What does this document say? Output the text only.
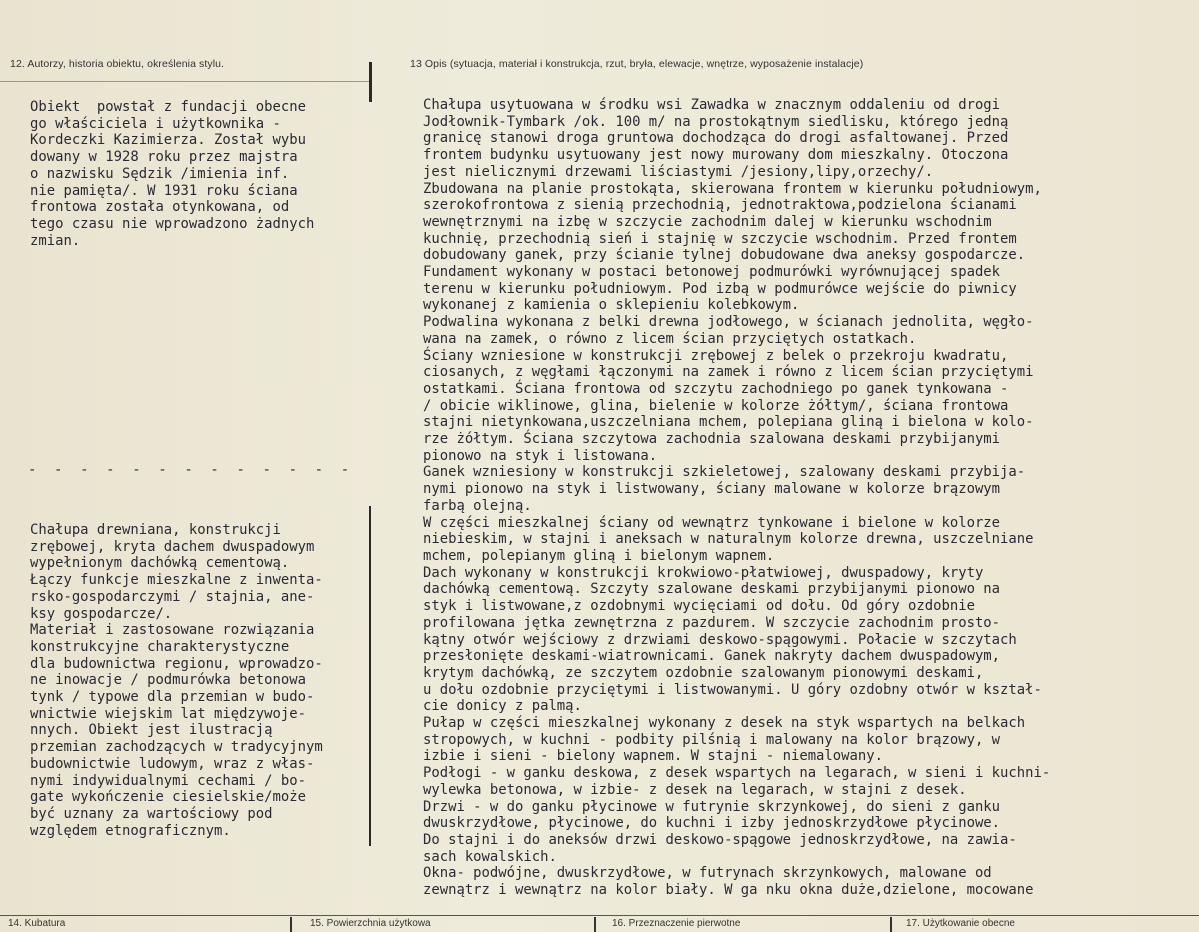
12. Autorzy, historia obiektu, określenia stylu.	13 Opis (sytuacja, materiał i konstrukcja, rzut, bryła, elewacje, wnętrze, wyposażenie instalacje)
Obiekt  powstał z fundacji obecne
go właściciela i użytkownika -
Kordeczki Kazimierza. Został wybu
dowany w 1928 roku przez majstra
o nazwisku Sędzik /imienia inf.
nie pamięta/. W 1931 roku ściana
frontowa została otynkowana, od
tego czasu nie wprowadzono żadnych
zmian.
- - - - - - - - - - - - -
Chałupa drewniana, konstrukcji
zrębowej, kryta dachem dwuspadowym
wypełnionym dachówką cementową.
Łączy funkcje mieszkalne z inwenta-
rsko-gospodarczymi / stajnia, ane-
ksy gospodarcze/.
Materiał i zastosowane rozwiązania
konstrukcyjne charakterystyczne
dla budownictwa regionu, wprowadzo-
ne inowacje / podmurówka betonowa
tynk / typowe dla przemian w budo-
wnictwie wiejskim lat międzywoje-
nnych. Obiekt jest ilustracją
przemian zachodzących w tradycyjnym
budownictwie ludowym, wraz z włas-
nymi indywidualnymi cechami / bo-
gate wykończenie ciesielskie/może
być uznany za wartościowy pod
względem etnograficznym.
Chałupa usytuowana w środku wsi Zawadka w znacznym oddaleniu od drogi
Jodłownik-Tymbark /ok. 100 m/ na prostokątnym siedlisku, którego jedną
granicę stanowi droga gruntowa dochodząca do drogi asfaltowanej. Przed
frontem budynku usytuowany jest nowy murowany dom mieszkalny. Otoczona
jest nielicznymi drzewami liściastymi /jesiony,lipy,orzechy/.
Zbudowana na planie prostokąta, skierowana frontem w kierunku południowym,
szerokofrontowa z sienią przechodnią, jednotraktowa,podzielona ścianami
wewnętrznymi na izbę w szczycie zachodnim dalej w kierunku wschodnim
kuchnię, przechodnią sień i stajnię w szczycie wschodnim. Przed frontem
dobudowany ganek, przy ścianie tylnej dobudowane dwa aneksy gospodarcze.
Fundament wykonany w postaci betonowej podmurówki wyrównującej spadek
terenu w kierunku południowym. Pod izbą w podmurówce wejście do piwnicy
wykonanej z kamienia o sklepieniu kolebkowym.
Podwalina wykonana z belki drewna jodłowego, w ścianach jednolita, węgło-
wana na zamek, o równo z licem ścian przyciętych ostatkach.
Ściany wzniesione w konstrukcji zrębowej z belek o przekroju kwadratu,
ciosanych, z węgłami łączonymi na zamek i równo z licem ścian przyciętymi
ostatkami. Ściana frontowa od szczytu zachodniego po ganek tynkowana -
/ obicie wiklinowe, glina, bielenie w kolorze żółtym/, ściana frontowa
stajni nietynkowana,uszczelniana mchem, polepiana gliną i bielona w kolo-
rze żółtym. Ściana szczytowa zachodnia szalowana deskami przybijanymi
pionowo na styk i listowana.
Ganek wzniesiony w konstrukcji szkieletowej, szalowany deskami przybija-
nymi pionowo na styk i listwowany, ściany malowane w kolorze brązowym
farbą olejną.
W części mieszkalnej ściany od wewnątrz tynkowane i bielone w kolorze
niebieskim, w stajni i aneksach w naturalnym kolorze drewna, uszczelniane
mchem, polepianym gliną i bielonym wapnem.
Dach wykonany w konstrukcji krokwiowo-płatwiowej, dwuspadowy, kryty
dachówką cementową. Szczyty szalowane deskami przybijanymi pionowo na
styk i listwowane,z ozdobnymi wycięciami od dołu. Od góry ozdobnie
profilowana jętka zewnętrzna z pazdurem. W szczycie zachodnim prosto-
kątny otwór wejściowy z drzwiami deskowo-spągowymi. Połacie w szczytach
przesłonięte deskami-wiatrownicami. Ganek nakryty dachem dwuspadowym,
krytym dachówką, ze szczytem ozdobnie szalowanym pionowymi deskami,
u dołu ozdobnie przyciętymi i listwowanymi. U góry ozdobny otwór w kształ-
cie donicy z palmą.
Pułap w części mieszkalnej wykonany z desek na styk wspartych na belkach
stropowych, w kuchni - podbity pilśnią i malowany na kolor brązowy, w
izbie i sieni - bielony wapnem. W stajni - niemalowany.
Podłogi - w ganku deskowa, z desek wspartych na legarach, w sieni i kuchni-
wylewka betonowa, w izbie- z desek na legarach, w stajni z desek.
Drzwi - w do ganku płycinowe w futrynie skrzynkowej, do sieni z ganku
dwuskrzydłowe, płycinowe, do kuchni i izby jednoskrzydłowe płycinowe.
Do stajni i do aneksów drzwi deskowo-spągowe jednoskrzydłowe, na zawia-
sach kowalskich.
Okna- podwójne, dwuskrzydłowe, w futrynach skrzynkowych, malowane od
zewnątrz i wewnątrz na kolor biały. W ga nku okna duże,dzielone, mocowane
14. Kubatura	15. Powierzchnia użytkowa	16. Przeznaczenie pierwotne	17. Użytkowanie obecne
